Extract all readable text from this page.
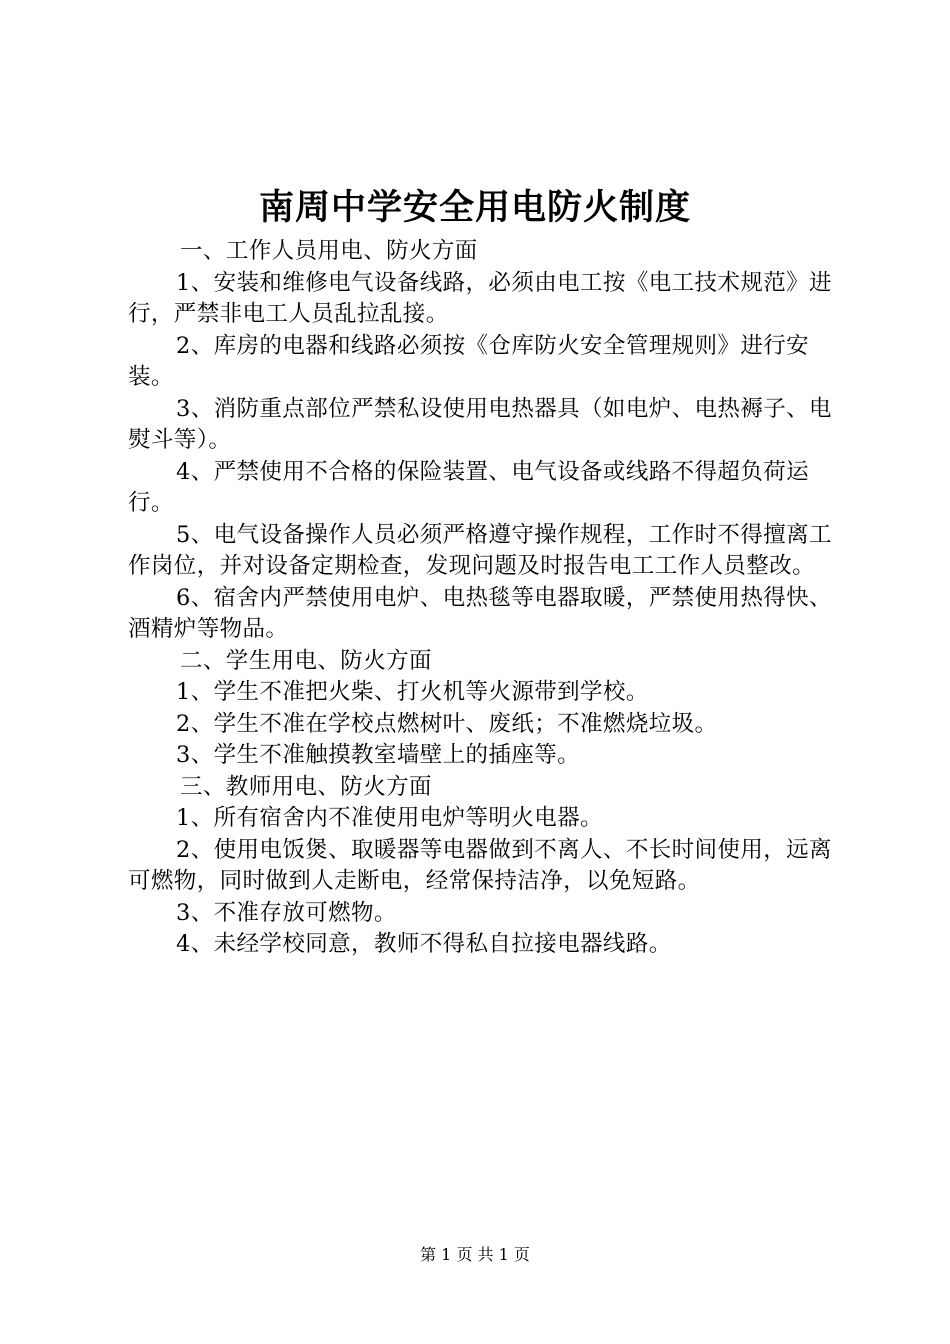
南周中学安全用电防火制度

一、工作人员用电、防火方面

1、安装和维修电气设备线路，必须由电工按《电工技术规范》进行，严禁非电工人员乱拉乱接。

2、库房的电器和线路必须按《仓库防火安全管理规则》进行安装。

3、消防重点部位严禁私设使用电热器具（如电炉、电热褥子、电熨斗等）。

4、严禁使用不合格的保险装置、电气设备或线路不得超负荷运行。

5、电气设备操作人员必须严格遵守操作规程，工作时不得擅离工作岗位，并对设备定期检查，发现问题及时报告电工工作人员整改。

6、宿舍内严禁使用电炉、电热毯等电器取暖，严禁使用热得快、酒精炉等物品。

二、学生用电、防火方面

1、学生不准把火柴、打火机等火源带到学校。

2、学生不准在学校点燃树叶、废纸；不准燃烧垃圾。

3、学生不准触摸教室墙壁上的插座等。

三、教师用电、防火方面

1、所有宿舍内不准使用电炉等明火电器。

2、使用电饭煲、取暖器等电器做到不离人、不长时间使用，远离可燃物，同时做到人走断电，经常保持洁净，以免短路。

3、不准存放可燃物。

4、未经学校同意，教师不得私自拉接电器线路。

第 1 页 共 1 页
